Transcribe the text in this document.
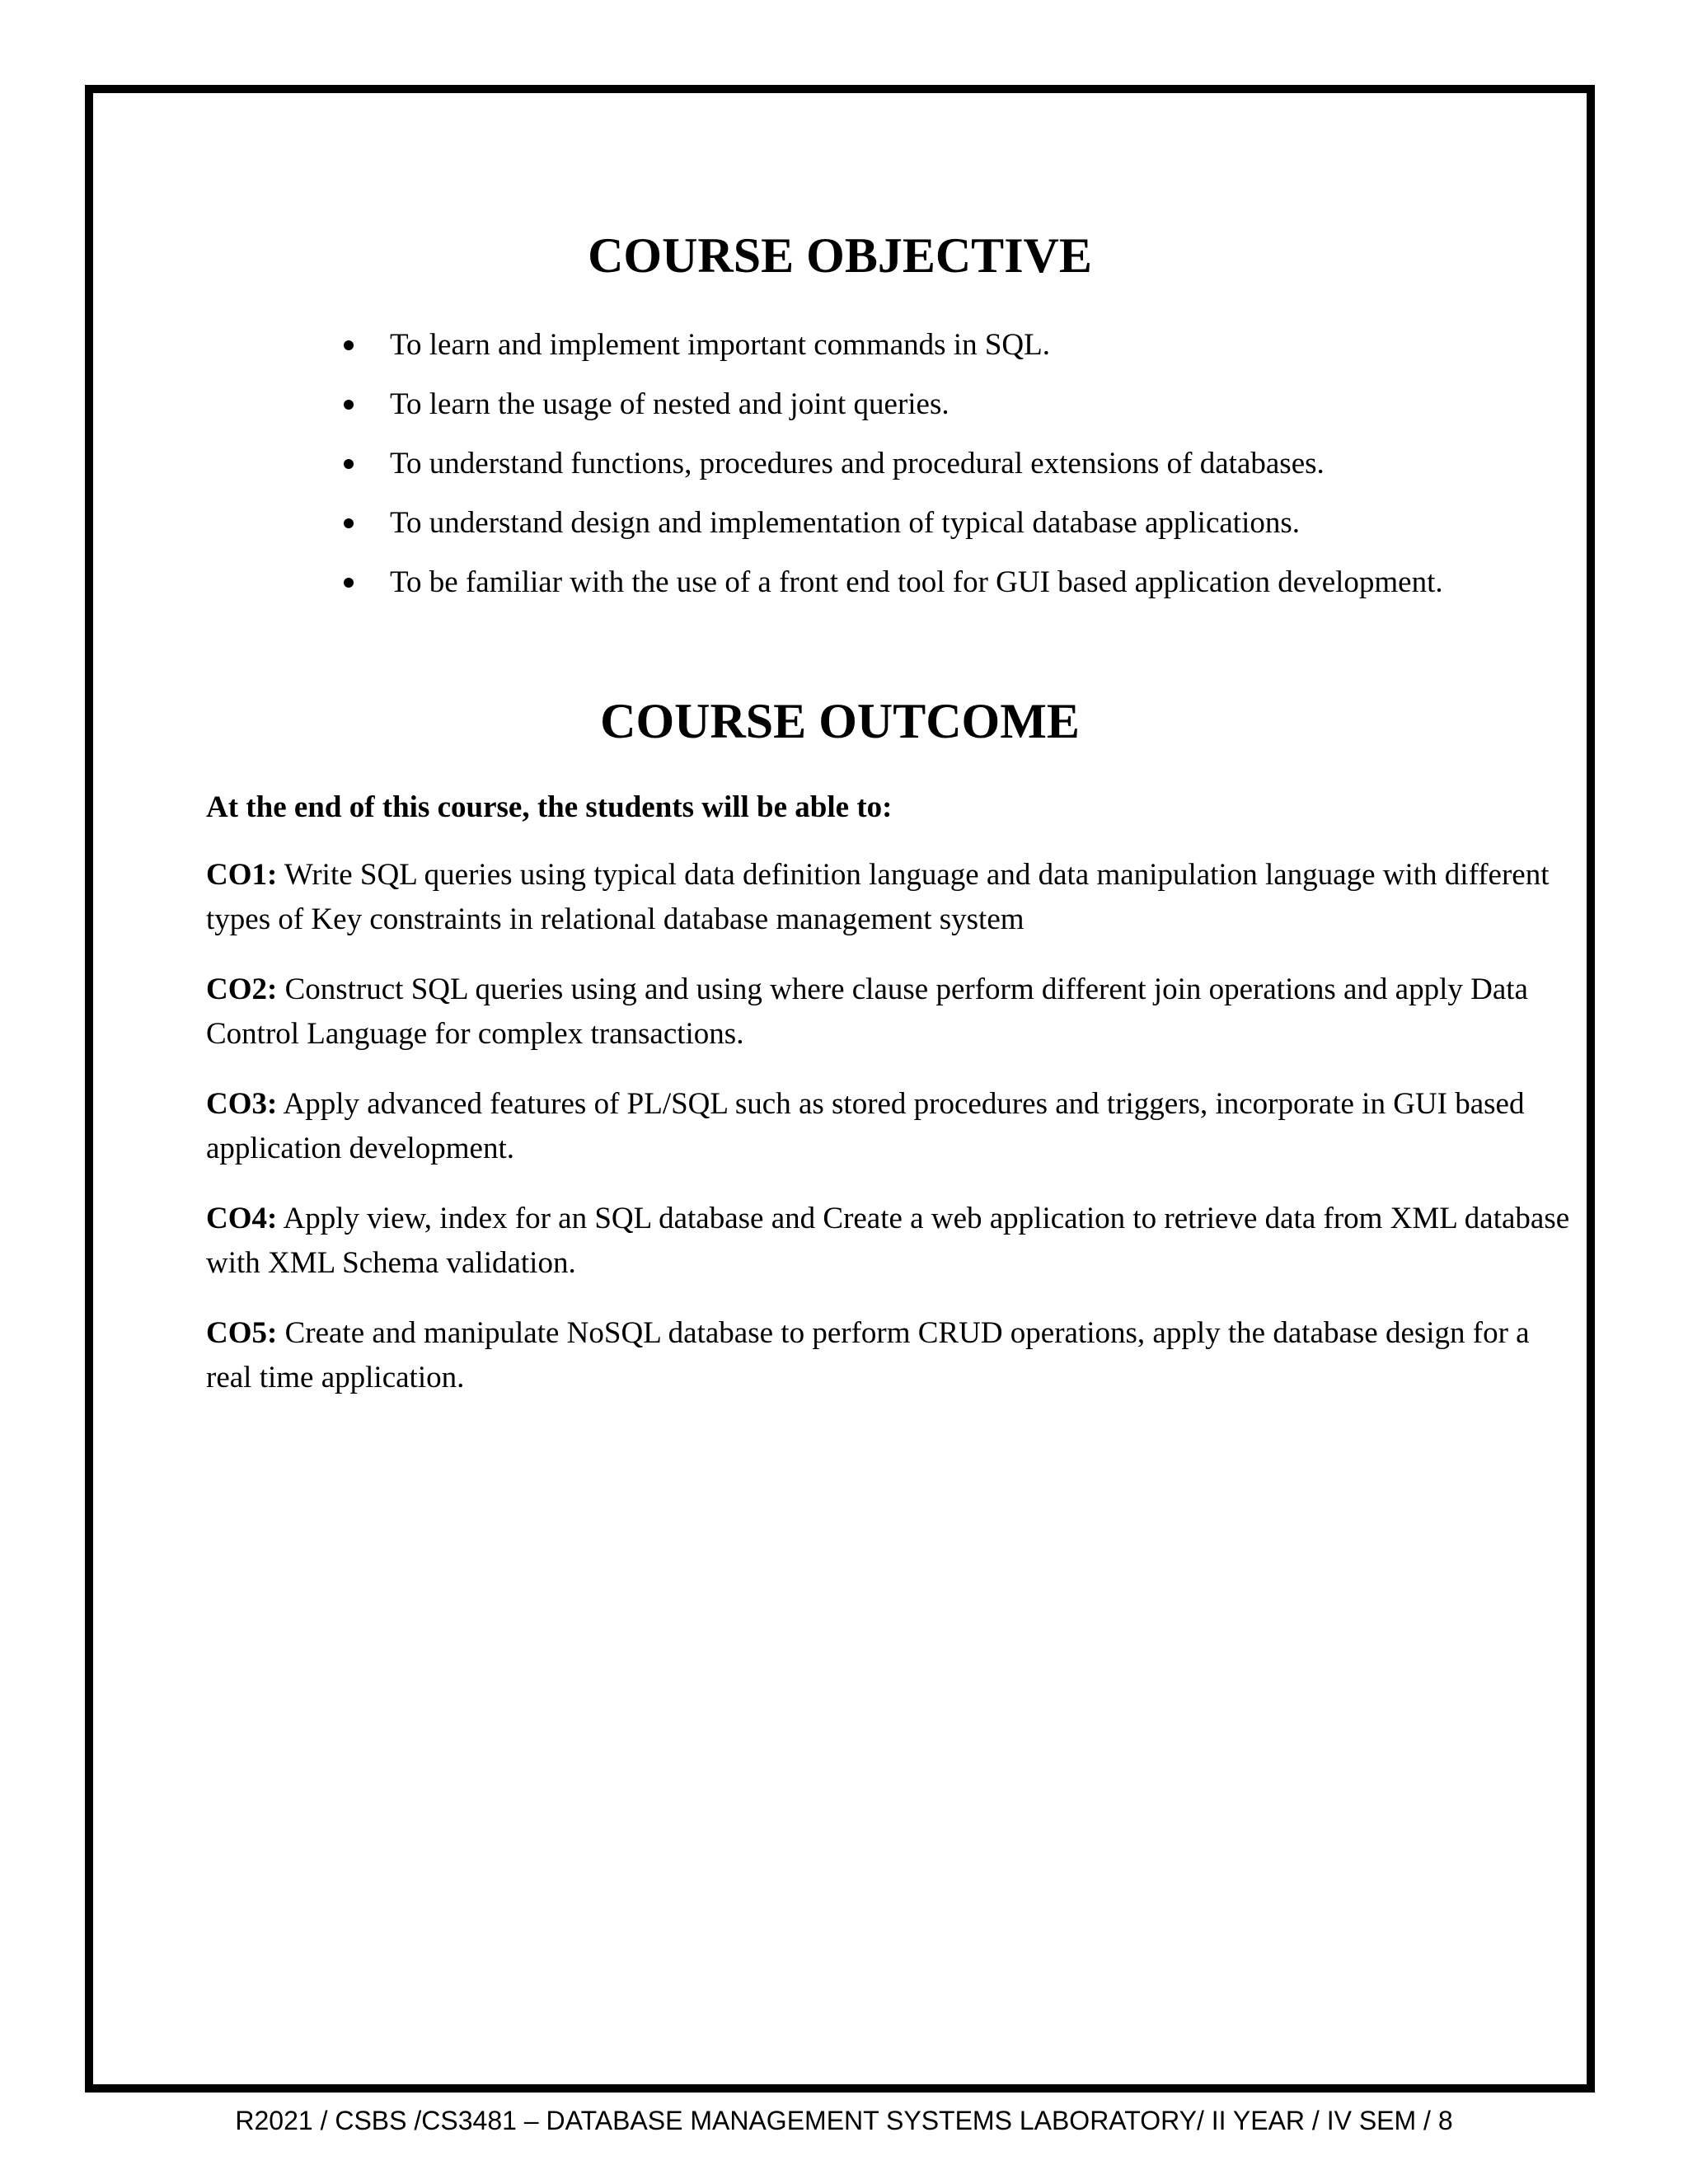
COURSE OBJECTIVE
To learn and implement important commands in SQL.
To learn the usage of nested and joint queries.
To understand functions, procedures and procedural extensions of databases.
To understand design and implementation of typical database applications.
To be familiar with the use of a front end tool for GUI based application development.
COURSE OUTCOME

At the end of this course, the students will be able to:

CO1: Write SQL queries using typical data definition language and data manipulation language with different types of Key constraints in relational database management system

CO2: Construct SQL queries using and using where clause perform different join operations and apply Data Control Language for complex transactions.

CO3: Apply advanced features of PL/SQL such as stored procedures and triggers, incorporate in GUI based application development.

CO4: Apply view, index for an SQL database and Create a web application to retrieve data from XML database with XML Schema validation.

CO5: Create and manipulate NoSQL database to perform CRUD operations, apply the database design for a real time application.

R2021 / CSBS /CS3481 – DATABASE MANAGEMENT SYSTEMS LABORATORY/ II YEAR / IV SEM / 8
